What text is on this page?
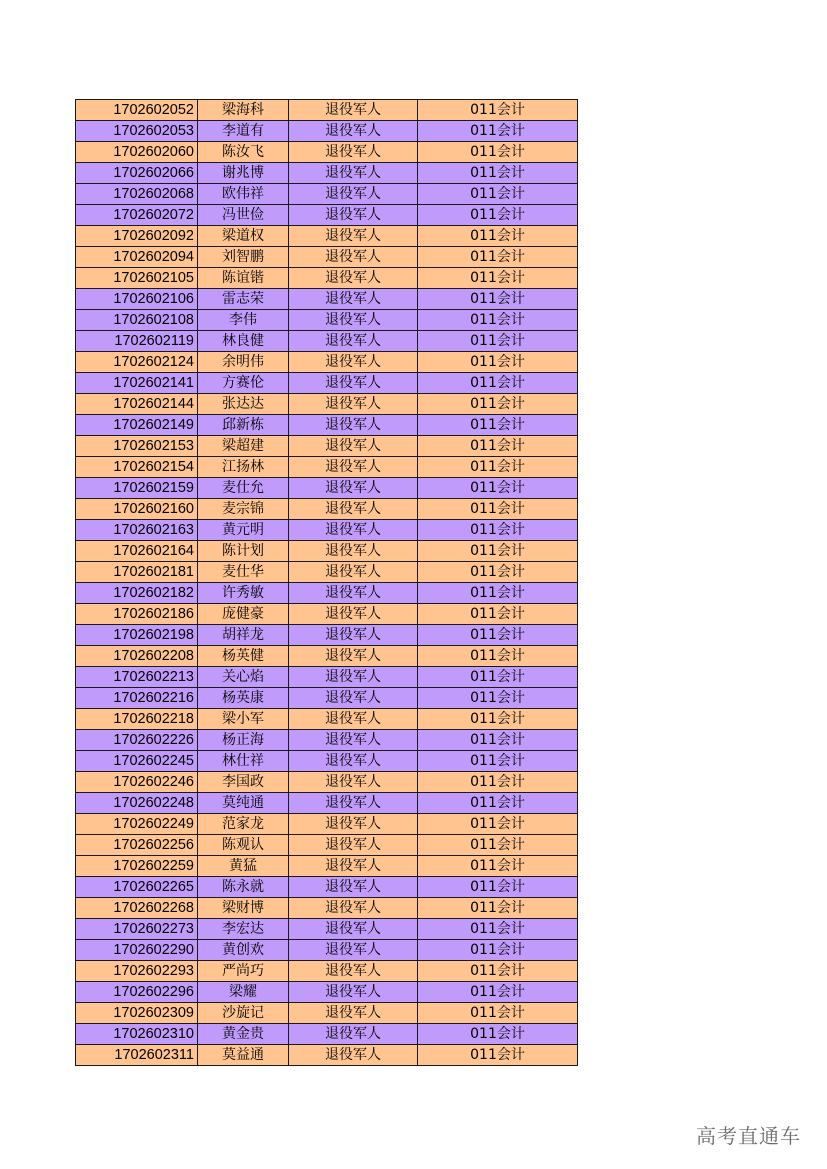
1702602052	梁海科	退役军人	011会计
1702602053	李道有	退役军人	011会计
1702602060	陈汝飞	退役军人	011会计
1702602066	谢兆博	退役军人	011会计
1702602068	欧伟祥	退役军人	011会计
1702602072	冯世俭	退役军人	011会计
1702602092	梁道权	退役军人	011会计
1702602094	刘智鹏	退役军人	011会计
1702602105	陈谊锴	退役军人	011会计
1702602106	雷志荣	退役军人	011会计
1702602108	李伟	退役军人	011会计
1702602119	林良健	退役军人	011会计
1702602124	余明伟	退役军人	011会计
1702602141	方赛伦	退役军人	011会计
1702602144	张达达	退役军人	011会计
1702602149	邱新栋	退役军人	011会计
1702602153	梁超建	退役军人	011会计
1702602154	江扬林	退役军人	011会计
1702602159	麦仕允	退役军人	011会计
1702602160	麦宗锦	退役军人	011会计
1702602163	黄元明	退役军人	011会计
1702602164	陈计划	退役军人	011会计
1702602181	麦仕华	退役军人	011会计
1702602182	许秀敏	退役军人	011会计
1702602186	庞健豪	退役军人	011会计
1702602198	胡祥龙	退役军人	011会计
1702602208	杨英健	退役军人	011会计
1702602213	关心焰	退役军人	011会计
1702602216	杨英康	退役军人	011会计
1702602218	梁小军	退役军人	011会计
1702602226	杨正海	退役军人	011会计
1702602245	林仕祥	退役军人	011会计
1702602246	李国政	退役军人	011会计
1702602248	莫纯通	退役军人	011会计
1702602249	范家龙	退役军人	011会计
1702602256	陈观认	退役军人	011会计
1702602259	黄猛	退役军人	011会计
1702602265	陈永就	退役军人	011会计
1702602268	梁财博	退役军人	011会计
1702602273	李宏达	退役军人	011会计
1702602290	黄创欢	退役军人	011会计
1702602293	严尚巧	退役军人	011会计
1702602296	梁耀	退役军人	011会计
1702602309	沙旋记	退役军人	011会计
1702602310	黄金贵	退役军人	011会计
1702602311	莫益通	退役军人	011会计
高考直通车
